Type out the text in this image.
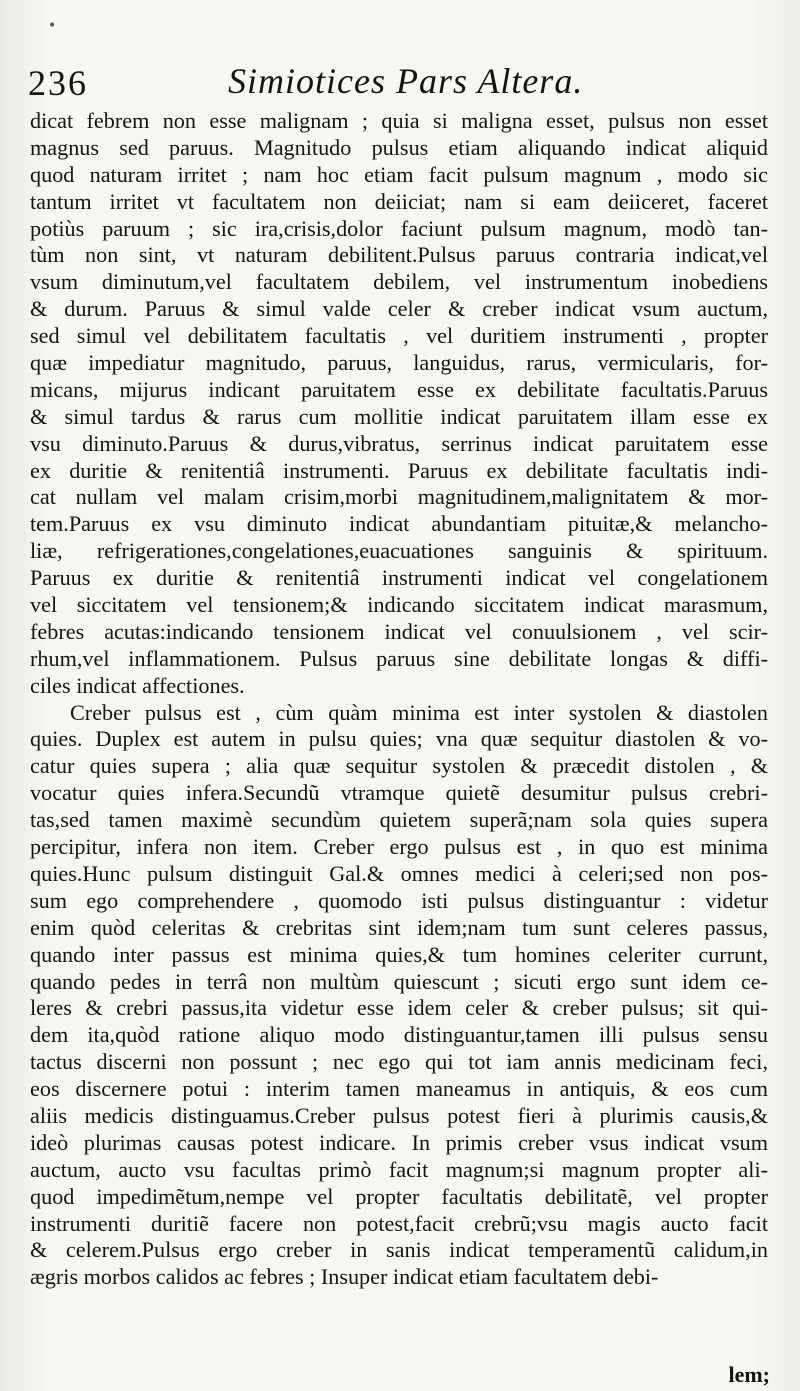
•
236	Simiotices Pars Altera.
dicat febrem non esse malignam ; quia si maligna esset, pulsus non esset
magnus sed paruus. Magnitudo pulsus etiam aliquando indicat aliquid
quod naturam irritet ; nam hoc etiam facit pulsum magnum , modo sic
tantum irritet vt facultatem non deiiciat; nam si eam deiiceret, faceret
potiùs paruum ; sic ira,crisis,dolor faciunt pulsum magnum, modò tan-
tùm non sint, vt naturam debilitent.Pulsus paruus contraria indicat,vel
vsum diminutum,vel facultatem debilem, vel instrumentum inobediens
& durum. Paruus & simul valde celer & creber indicat vsum auctum,
sed simul vel debilitatem facultatis , vel duritiem instrumenti , propter
quæ impediatur magnitudo, paruus, languidus, rarus, vermicularis, for-
micans, mijurus indicant paruitatem esse ex debilitate facultatis.Paruus
& simul tardus & rarus cum mollitie indicat paruitatem illam esse ex
vsu diminuto.Paruus & durus,vibratus, serrinus indicat paruitatem esse
ex duritie & renitentiâ instrumenti. Paruus ex debilitate facultatis indi-
cat nullam vel malam crisim,morbi magnitudinem,malignitatem & mor-
tem.Paruus ex vsu diminuto indicat abundantiam pituitæ,& melancho-
liæ, refrigerationes,congelationes,euacuationes sanguinis & spirituum.
Paruus ex duritie & renitentiâ instrumenti indicat vel congelationem
vel siccitatem vel tensionem;& indicando siccitatem indicat marasmum,
febres acutas:indicando tensionem indicat vel conuulsionem , vel scir-
rhum,vel inflammationem. Pulsus paruus sine debilitate longas & diffi-
ciles indicat affectiones.
Creber pulsus est , cùm quàm minima est inter systolen & diastolen
quies. Duplex est autem in pulsu quies; vna quæ sequitur diastolen & vo-
catur quies supera ; alia quæ sequitur systolen & præcedit distolen , &
vocatur quies infera.Secundũ vtramque quietẽ desumitur pulsus crebri-
tas,sed tamen maximè secundùm quietem superã;nam sola quies supera
percipitur, infera non item. Creber ergo pulsus est , in quo est minima
quies.Hunc pulsum distinguit Gal.& omnes medici à celeri;sed non pos-
sum ego comprehendere , quomodo isti pulsus distinguantur : videtur
enim quòd celeritas & crebritas sint idem;nam tum sunt celeres passus,
quando inter passus est minima quies,& tum homines celeriter currunt,
quando pedes in terrâ non multùm quiescunt ; sicuti ergo sunt idem ce-
leres & crebri passus,ita videtur esse idem celer & creber pulsus; sit qui-
dem ita,quòd ratione aliquo modo distinguantur,tamen illi pulsus sensu
tactus discerni non possunt ; nec ego qui tot iam annis medicinam feci,
eos discernere potui : interim tamen maneamus in antiquis, & eos cum
aliis medicis distinguamus.Creber pulsus potest fieri à plurimis causis,&
ideò plurimas causas potest indicare. In primis creber vsus indicat vsum
auctum, aucto vsu facultas primò facit magnum;si magnum propter ali-
quod impedimẽtum,nempe vel propter facultatis debilitatẽ, vel propter
instrumenti duritiẽ facere non potest,facit crebrũ;vsu magis aucto facit
& celerem.Pulsus ergo creber in sanis indicat temperamentũ calidum,in
ægris morbos calidos ac febres ; Insuper indicat etiam facultatem debi-
lem;
